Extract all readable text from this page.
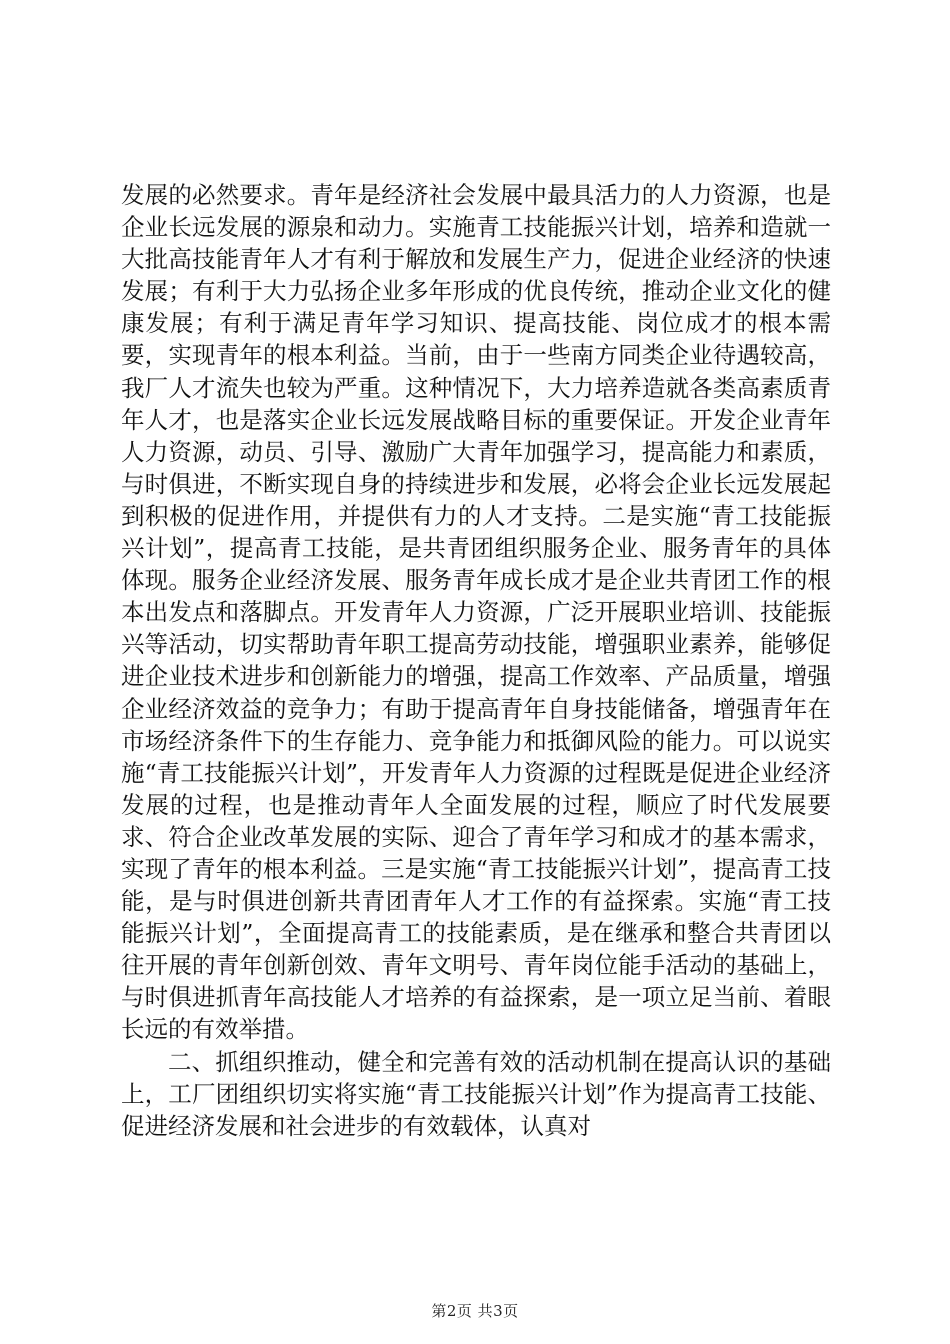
发展的必然要求。青年是经济社会发展中最具活力的人力资源，也是企业长远发展的源泉和动力。实施青工技能振兴计划，培养和造就一大批高技能青年人才有利于解放和发展生产力，促进企业经济的快速发展；有利于大力弘扬企业多年形成的优良传统，推动企业文化的健康发展；有利于满足青年学习知识、提高技能、岗位成才的根本需要，实现青年的根本利益。当前，由于一些南方同类企业待遇较高，我厂人才流失也较为严重。这种情况下，大力培养造就各类高素质青年人才，也是落实企业长远发展战略目标的重要保证。开发企业青年人力资源，动员、引导、激励广大青年加强学习，提高能力和素质，与时俱进，不断实现自身的持续进步和发展，必将会企业长远发展起到积极的促进作用，并提供有力的人才支持。二是实施“青工技能振兴计划”，提高青工技能，是共青团组织服务企业、服务青年的具体体现。服务企业经济发展、服务青年成长成才是企业共青团工作的根本出发点和落脚点。开发青年人力资源，广泛开展职业培训、技能振兴等活动，切实帮助青年职工提高劳动技能，增强职业素养，能够促进企业技术进步和创新能力的增强，提高工作效率、产品质量，增强企业经济效益的竞争力；有助于提高青年自身技能储备，增强青年在市场经济条件下的生存能力、竞争能力和抵御风险的能力。可以说实施“青工技能振兴计划”，开发青年人力资源的过程既是促进企业经济发展的过程，也是推动青年人全面发展的过程，顺应了时代发展要求、符合企业改革发展的实际、迎合了青年学习和成才的基本需求，实现了青年的根本利益。三是实施“青工技能振兴计划”，提高青工技能，是与时俱进创新共青团青年人才工作的有益探索。实施“青工技能振兴计划”，全面提高青工的技能素质，是在继承和整合共青团以往开展的青年创新创效、青年文明号、青年岗位能手活动的基础上，与时俱进抓青年高技能人才培养的有益探索，是一项立足当前、着眼长远的有效举措。

二、抓组织推动，健全和完善有效的活动机制在提高认识的基础上，工厂团组织切实将实施“青工技能振兴计划”作为提高青工技能、促进经济发展和社会进步的有效载体，认真对

第2页 共3页
